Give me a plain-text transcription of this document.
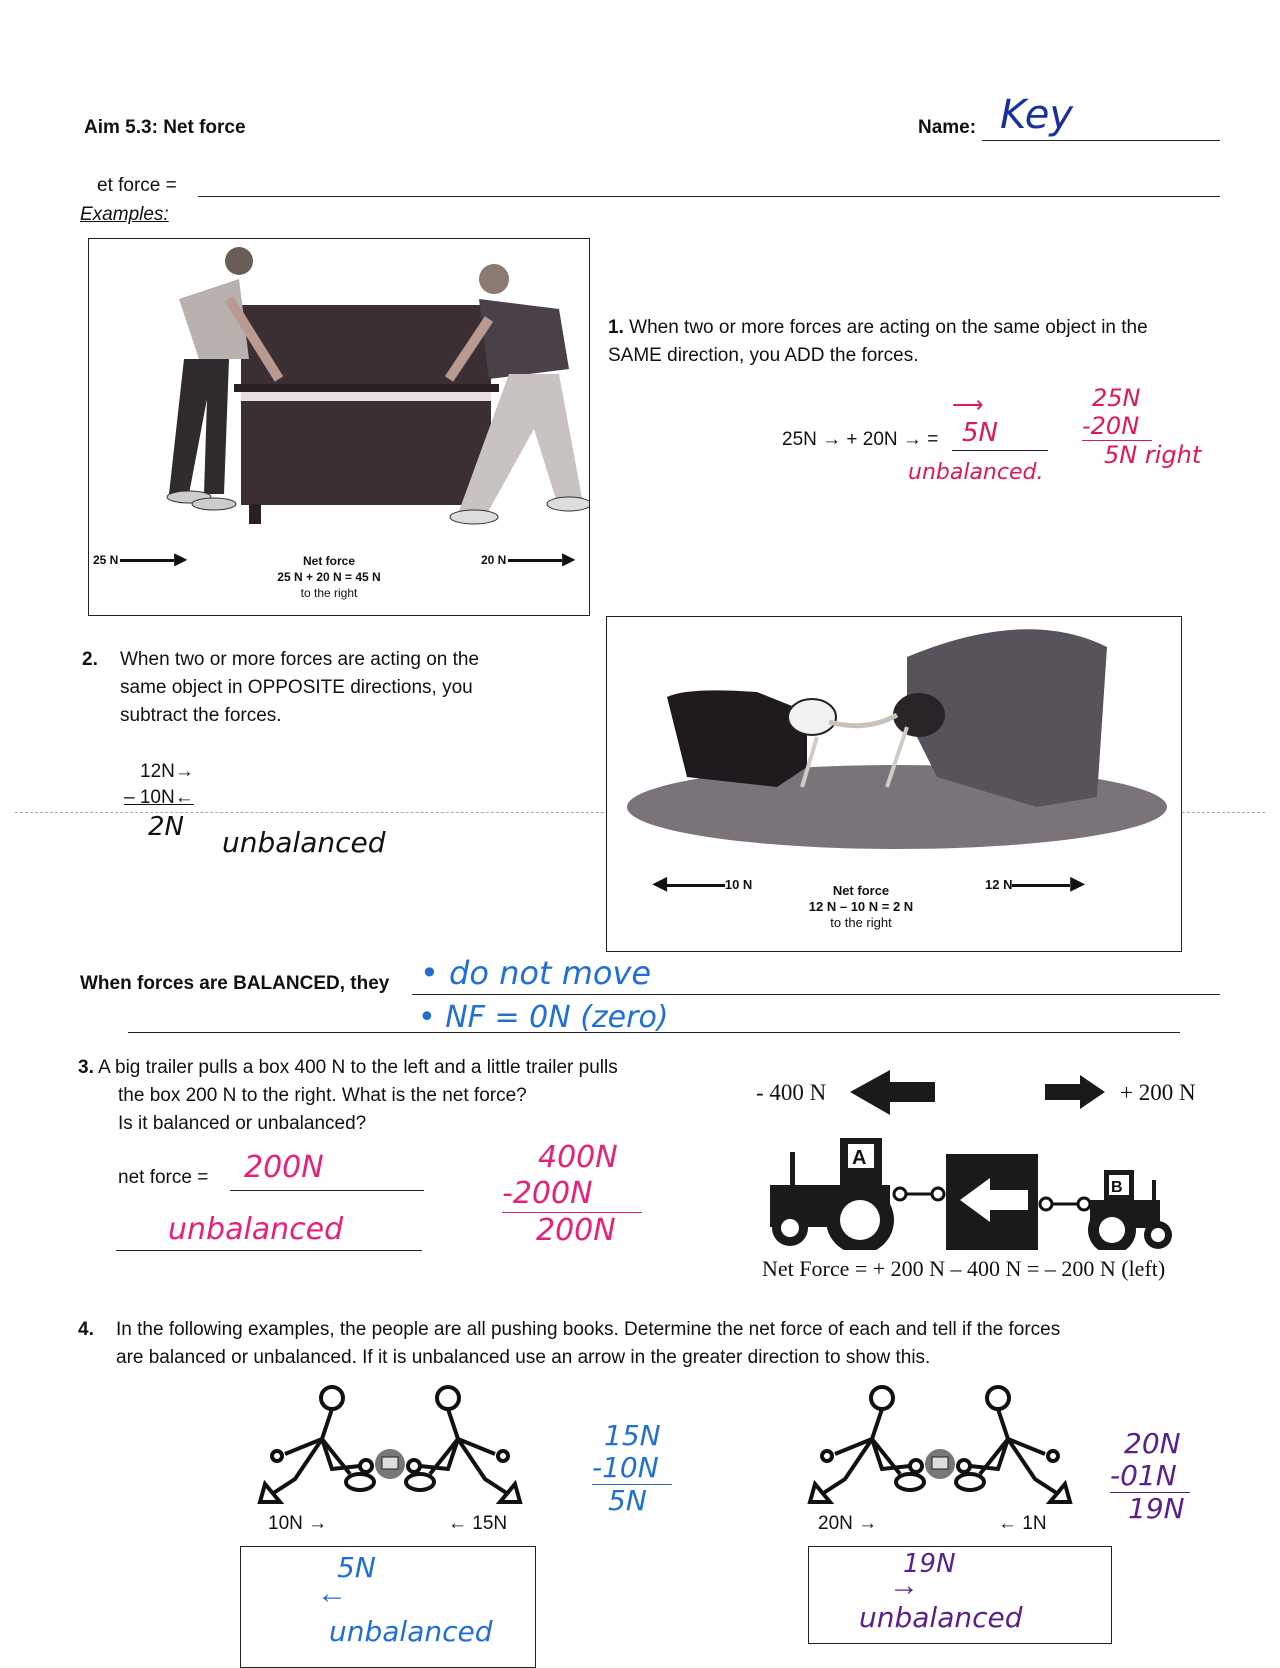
Aim 5.3: Net force	Name: Key
et force =
Examples:
25 N	▶	20 N	▶
Net force
25 N + 20 N = 45 N
to the right
1. When two or more forces are acting on the same object in the
SAME direction, you ADD the forces.
25N → + 20N → = 5N
⟶
unbalanced.
25N
-20N
5N right
2. When two or more forces are acting on the
same object in OPPOSITE directions, you
subtract the forces.
12N→
– 10N←
2N unbalanced
◀	10 N	12 N	▶
Net force
12 N – 10 N = 2 N
to the right
When forces are BALANCED, they • do not move
• NF = 0N (zero)
3. A big trailer pulls a box 400 N to the left and a little trailer pulls
the box 200 N to the right. What is the net force?
Is it balanced or unbalanced?
net force = 200N
unbalanced
400N
-200N
200N
- 400 N	+ 200 N
A
B
Net Force = + 200 N – 400 N = – 200 N (left)
4. In the following examples, the people are all pushing books. Determine the net force of each and tell if the forces
are balanced or unbalanced. If it is unbalanced use an arrow in the greater direction to show this.
10N →	← 15N
5N
←
unbalanced
15N
-10N
5N
20N →	← 1N
19N
→
unbalanced
20N
-01N
19N
